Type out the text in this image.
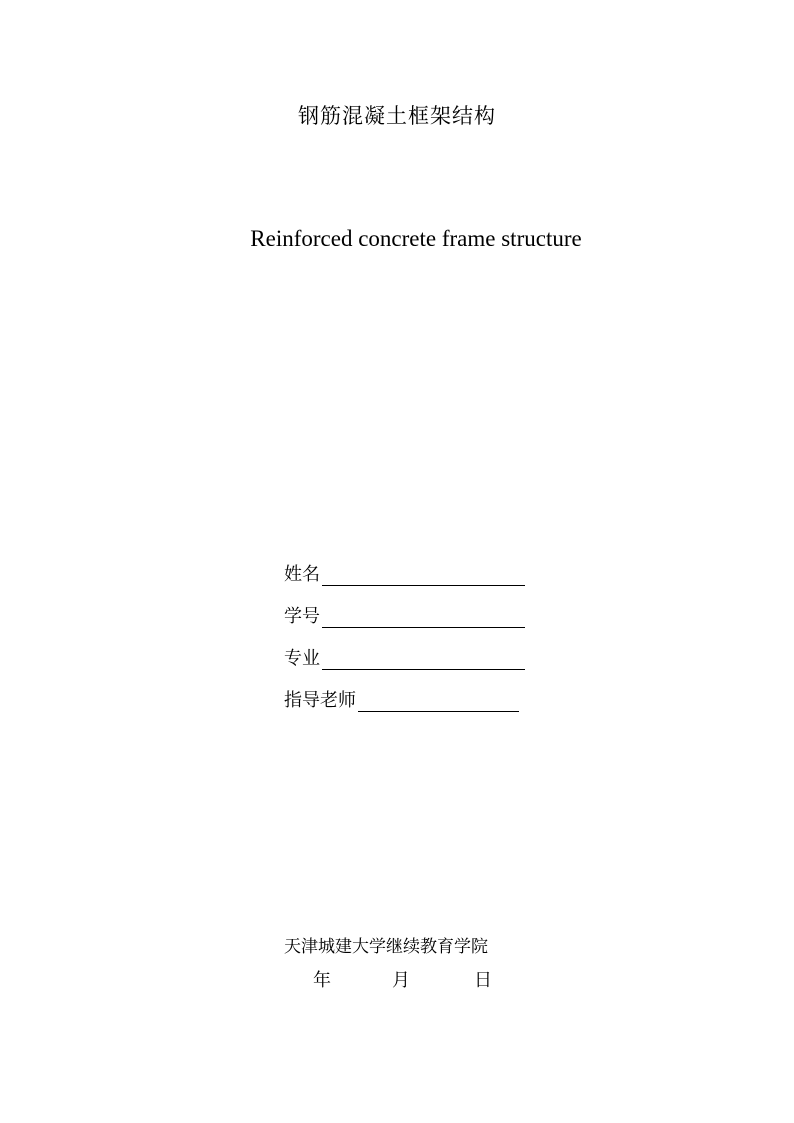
钢筋混凝土框架结构
Reinforced concrete frame structure
姓名
学号
专业
指导老师
天津城建大学继续教育学院
年	月	日
